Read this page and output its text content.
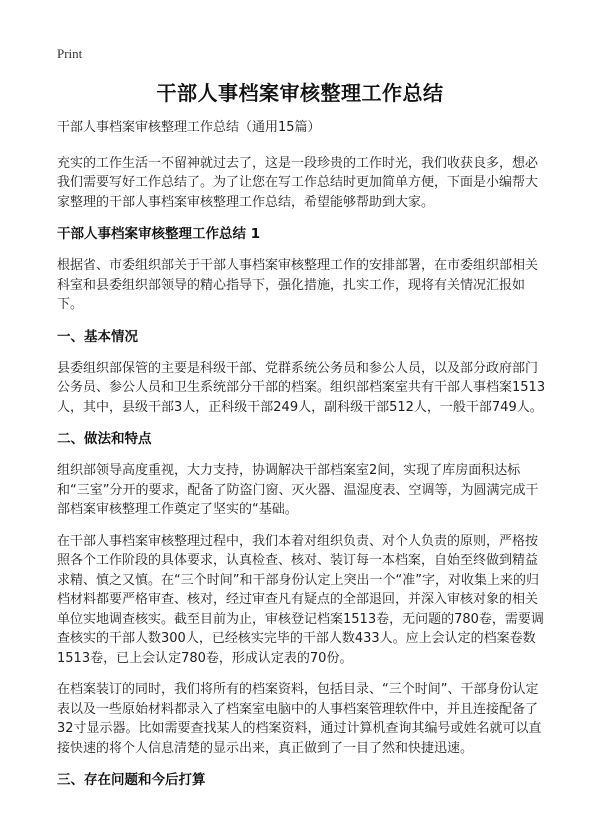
Print
干部人事档案审核整理工作总结

干部人事档案审核整理工作总结（通用15篇）

充实的工作生活一不留神就过去了，这是一段珍贵的工作时光，我们收获良多，想必我们需要写好工作总结了。为了让您在写工作总结时更加简单方便，下面是小编帮大家整理的干部人事档案审核整理工作总结，希望能够帮助到大家。

干部人事档案审核整理工作总结 1

根据省、市委组织部关于干部人事档案审核整理工作的安排部署，在市委组织部相关科室和县委组织部领导的精心指导下，强化措施，扎实工作，现将有关情况汇报如下。

一、基本情况

县委组织部保管的主要是科级干部、党群系统公务员和参公人员，以及部分政府部门公务员、参公人员和卫生系统部分干部的档案。组织部档案室共有干部人事档案1513人，其中，县级干部3人，正科级干部249人，副科级干部512人，一般干部749人。

二、做法和特点

组织部领导高度重视，大力支持，协调解决干部档案室2间，实现了库房面积达标和“三室”分开的要求，配备了防盗门窗、灭火器、温湿度表、空调等，为圆满完成干部档案审核整理工作奠定了坚实的“基础。

在干部人事档案审核整理过程中，我们本着对组织负责、对个人负责的原则，严格按照各个工作阶段的具体要求，认真检查、核对、装订每一本档案，自始至终做到精益求精、慎之又慎。在“三个时间”和干部身份认定上突出一个“准”字，对收集上来的归档材料都要严格审查、核对，经过审查凡有疑点的全部退回，并深入审核对象的相关单位实地调查核实。截至目前为止，审核登记档案1513卷，无问题的780卷，需要调查核实的干部人数300人，已经核实完毕的干部人数433人。应上会认定的档案卷数1513卷，已上会认定780卷，形成认定表的70份。

在档案装订的同时，我们将所有的档案资料，包括目录、“三个时间”、干部身份认定表以及一些原始材料都录入了档案室电脑中的人事档案管理软件中，并且连接配备了32寸显示器。比如需要查找某人的档案资料，通过计算机查询其编号或姓名就可以直接快速的将个人信息清楚的显示出来，真正做到了一目了然和快捷迅速。

三、存在问题和今后打算
